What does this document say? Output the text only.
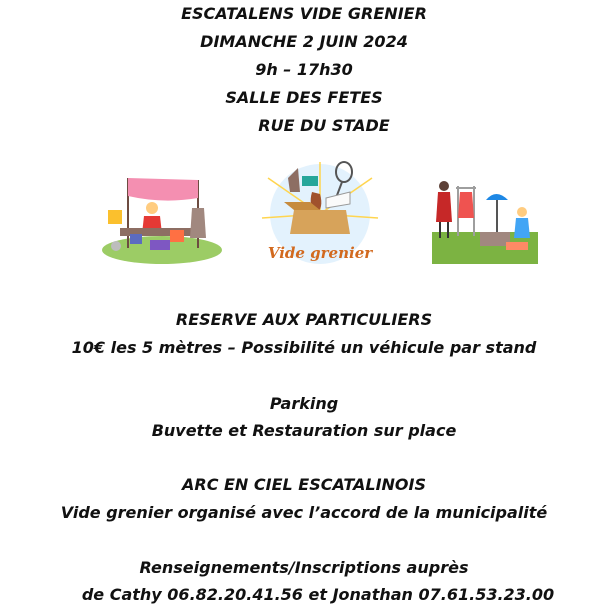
ESCATALENS VIDE GRENIER
DIMANCHE 2 JUIN 2024
9h – 17h30
SALLE DES FETES
RUE DU STADE
Vide grenier
RESERVE AUX PARTICULIERS
10€ les 5 mètres – Possibilité un véhicule par stand
Parking
Buvette et Restauration sur place
ARC EN CIEL ESCATALINOIS
Vide grenier organisé avec l’accord de la municipalité
Renseignements/Inscriptions auprès
de Cathy 06.82.20.41.56 et Jonathan 07.61.53.23.00
